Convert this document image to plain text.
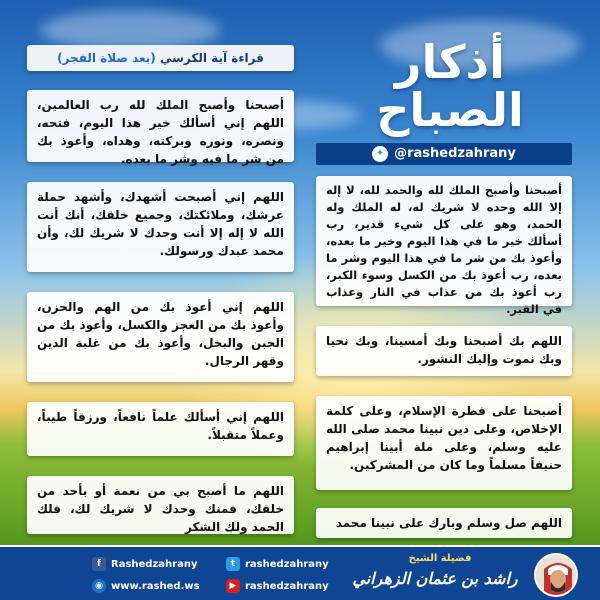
قراءة آية الكرسي (بعد صلاة الفجر)	أذكار
الصباح
✦ @rashedzahrany
أصبحنا وأصبح الملك لله رب العالمين، اللهم إني أسألك خير هذا اليوم، فتحه، ونصره، ونوره وبركته، وهداه، وأعوذ بك من شر ما فيه وشر ما بعده.
اللهم إني أصبحت أشهدك، وأشهد حملة عرشك، وملائكتك، وجميع خلقك، أنك أنت الله لا إله إلا أنت وحدك لا شريك لك، وأن محمد عبدك ورسولك.
اللهم إني أعوذ بك من الهم والحزن، وأعوذ بك من العجز والكسل، وأعوذ بك من الجبن والبخل، وأعوذ بك من غلبة الدين وقهر الرجال.
اللهم إني أسألك علماً نافعاً، ورزقاً طيباً، وعملاً متقبلاً.
اللهم ما أصبح بي من نعمة أو بأحد من خلقك، فمنك وحدك لا شريك لك، فلك الحمد ولك الشكر
أصبحنا وأصبح الملك لله والحمد لله، لا إله إلا الله وحده لا شريك له، له الملك وله الحمد، وهو على كل شيء قدير، رب أسألك خير ما في هذا اليوم وخير ما بعده، وأعوذ بك من شر ما في هذا اليوم وشر ما بعده، رب أعوذ بك من الكسل وسوء الكبر، رب أعوذ بك من عذاب في النار وعذاب في القبر.
اللهم بك أصبحنا وبك أمسينا، وبك نحيا وبك نموت وإليك النشور.
أصبحنا على فطرة الإسلام، وعلى كلمة الإخلاص، وعلى دين نبينا محمد صلى الله عليه وسلم، وعلى ملة أبينا إبراهيم حنيفاً مسلماً وما كان من المشركين.
اللهم صل وسلم وبارك على نبينا محمد
f	Rashedzahrany	t rashedzahrany
◉ www.rashed.ws	▶ rashedzahrany
فضيلة الشيخ
راشد بن عثمان الزهراني
